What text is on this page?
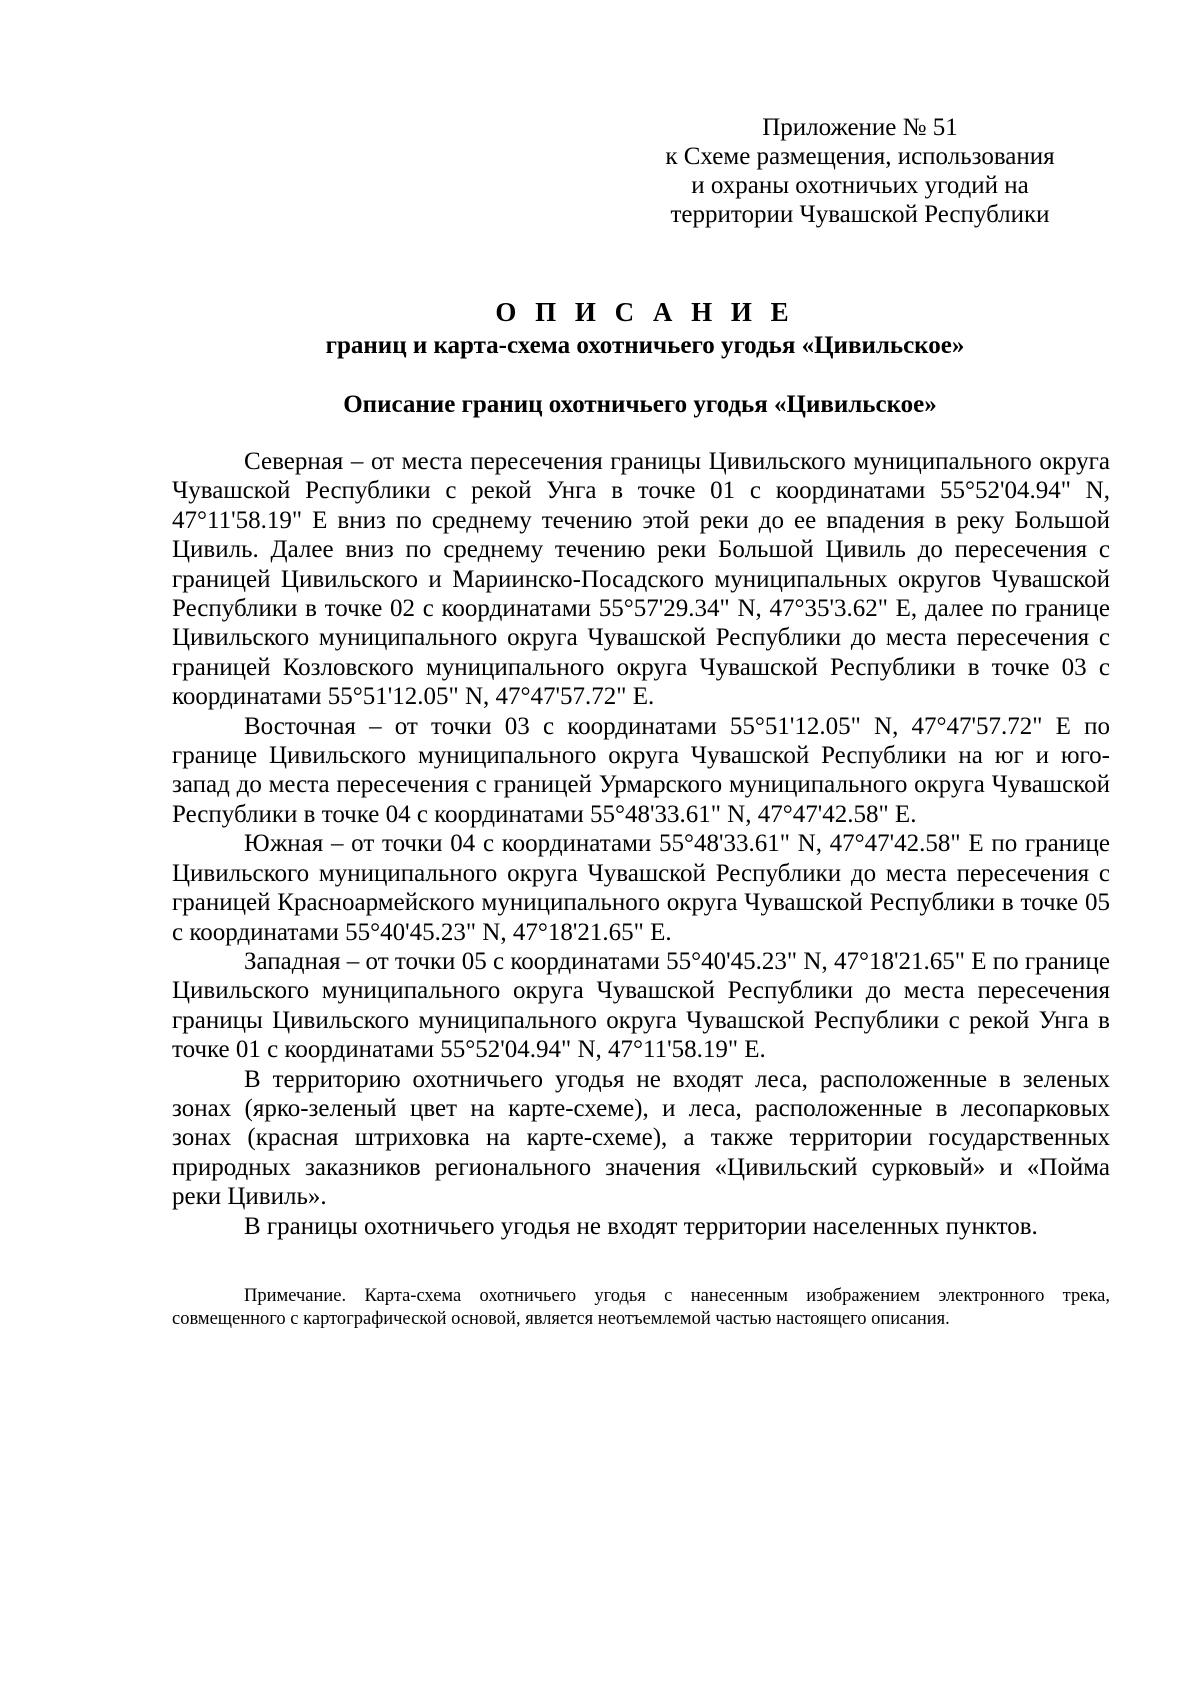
Приложение № 51
к Схеме размещения, использования
и охраны охотничьих угодий на
территории Чувашской Республики
О П И С А Н И Е
границ и карта-схема охотничьего угодья «Цивильское»
Описание границ охотничьего угодья «Цивильское»

Северная – от места пересечения границы Цивильского муниципального округа Чувашской Республики с рекой Унга в точке 01 с координатами 55°52'04.94" N, 47°11'58.19" E вниз по среднему течению этой реки до ее впадения в реку Большой Цивиль. Далее вниз по среднему течению реки Большой Цивиль до пересечения с границей Цивильского и Мариинско-Посадского муниципальных округов Чувашской Республики в точке 02 с координатами 55°57'29.34" N, 47°35'3.62" E, далее по границе Цивильского муниципального округа Чувашской Республики до места пересечения с границей Козловского муниципального округа Чувашской Республики в точке 03 с координатами 55°51'12.05" N, 47°47'57.72" E.

Восточная – от точки 03 с координатами 55°51'12.05" N, 47°47'57.72" E по границе Цивильского муниципального округа Чувашской Республики на юг и юго-запад до места пересечения с границей Урмарского муниципального округа Чувашской Республики в точке 04 с координатами 55°48'33.61" N, 47°47'42.58" E.

Южная – от точки 04 с координатами 55°48'33.61" N, 47°47'42.58" E по границе Цивильского муниципального округа Чувашской Республики до места пересечения с границей Красноармейского муниципального округа Чувашской Республики в точке 05 с координатами 55°40'45.23" N, 47°18'21.65" E.

Западная – от точки 05 с координатами 55°40'45.23" N, 47°18'21.65" E по границе Цивильского муниципального округа Чувашской Республики до места пересечения границы Цивильского муниципального округа Чувашской Республики с рекой Унга в точке 01 с координатами 55°52'04.94" N, 47°11'58.19" E.

В территорию охотничьего угодья не входят леса, расположенные в зеленых зонах (ярко-зеленый цвет на карте-схеме), и леса, расположенные в лесопарковых зонах (красная штриховка на карте-схеме), а также территории государственных природных заказников регионального значения «Цивильский сурковый» и «Пойма реки Цивиль».

В границы охотничьего угодья не входят территории населенных пунктов.

Примечание. Карта-схема охотничьего угодья с нанесенным изображением электронного трека, совмещенного с картографической основой, является неотъемлемой частью настоящего описания.
